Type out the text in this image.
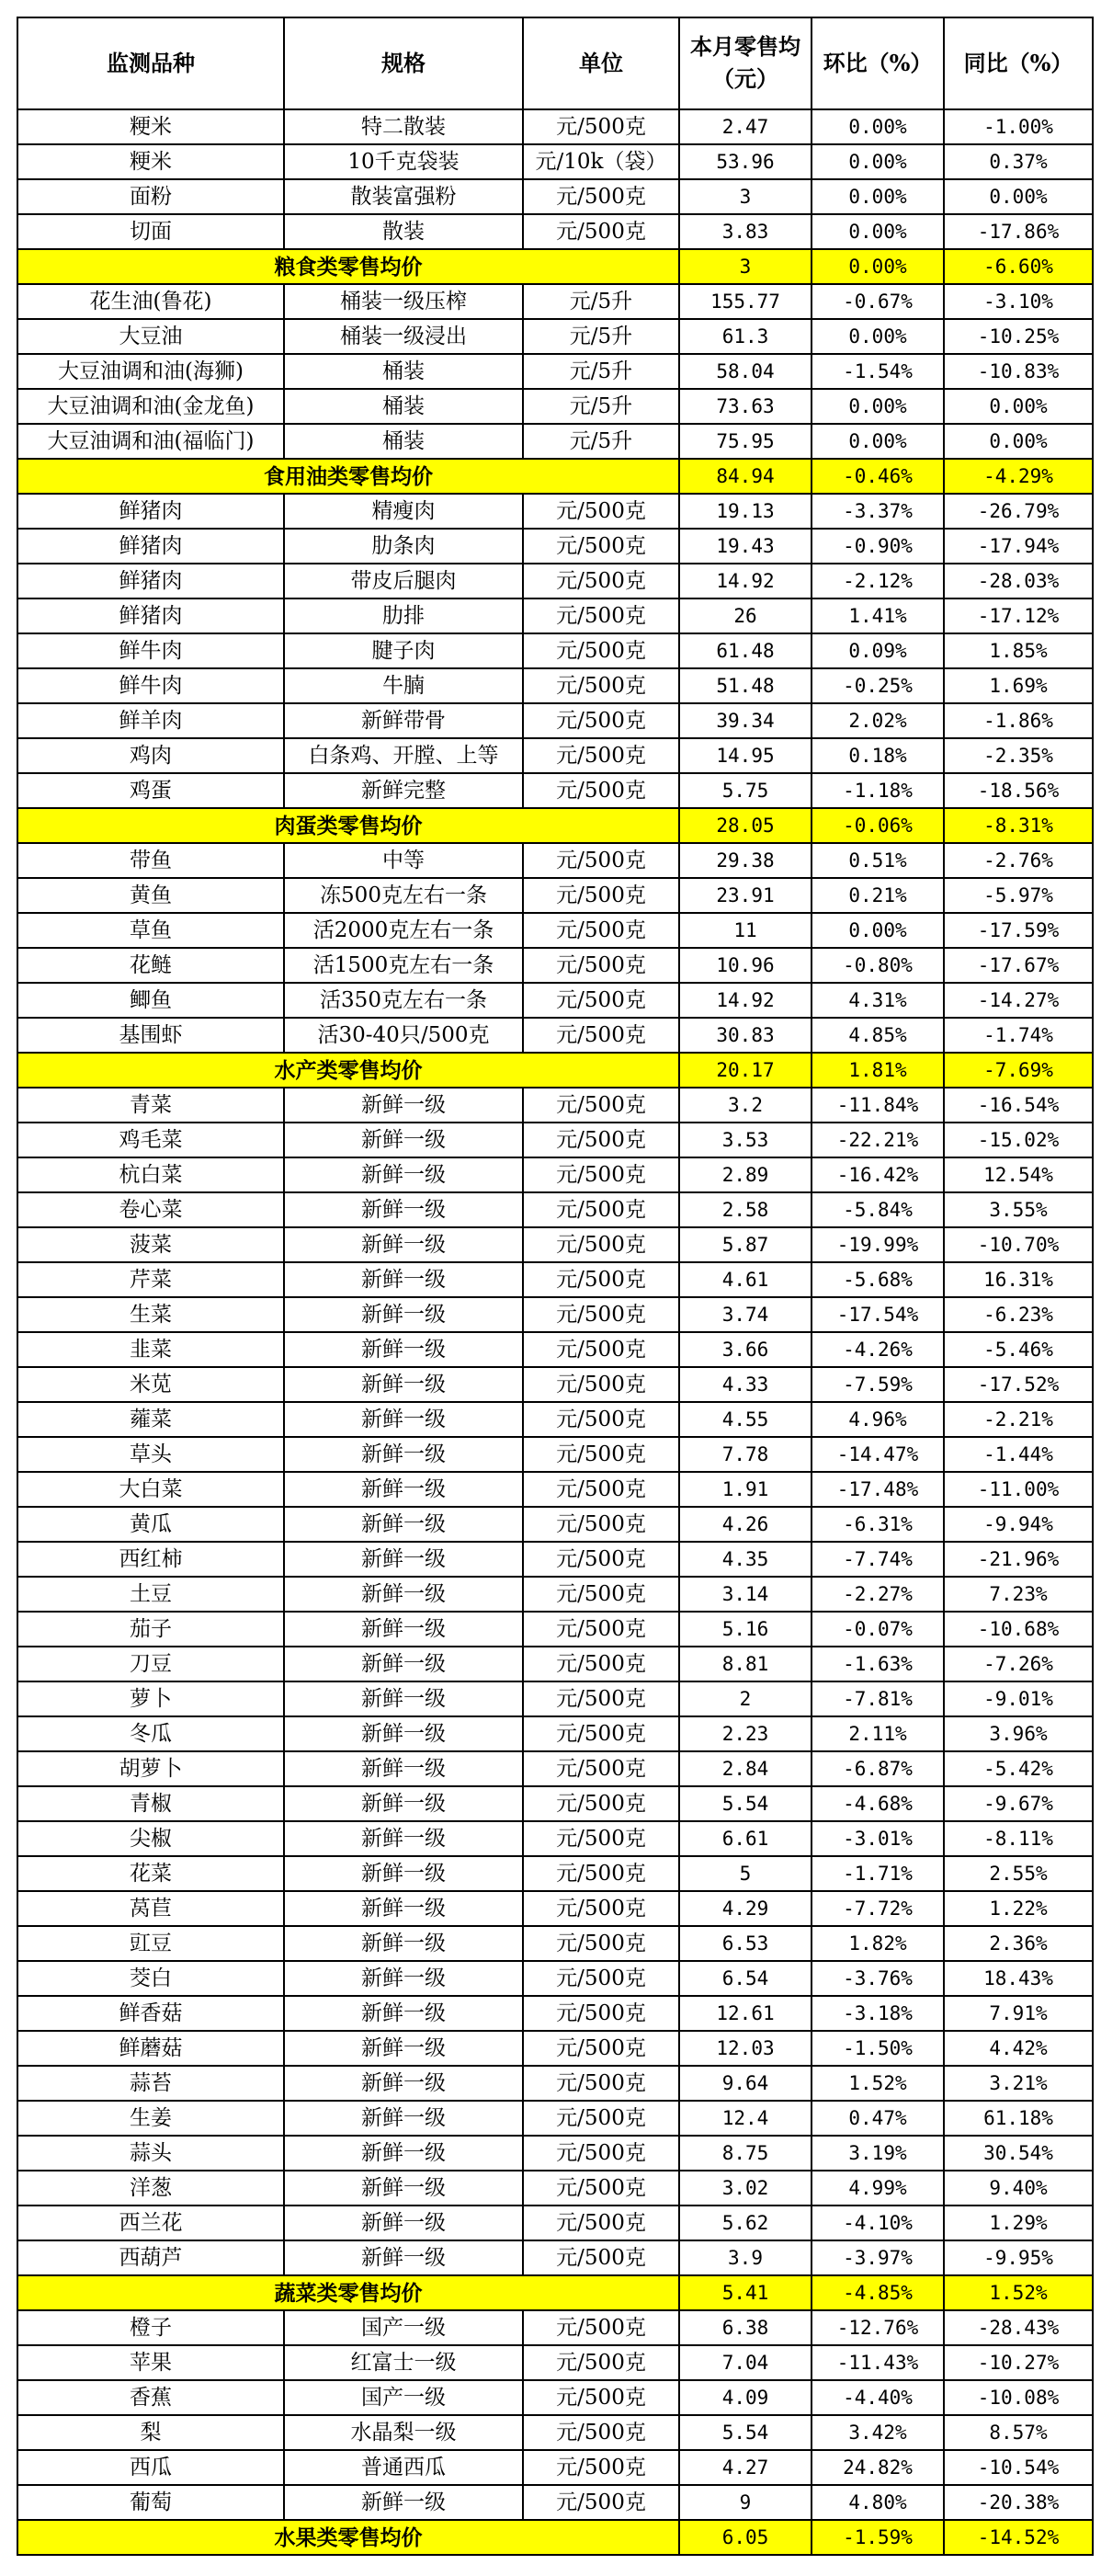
监测品种	规格	单位	本月零售均（元）	环比（%）	同比（%）
粳米	特二散装	元/500克	2.47	0.00%	-1.00%
粳米	10千克袋装	元/10k（袋）	53.96	0.00%	0.37%
面粉	散装富强粉	元/500克	3	0.00%	0.00%
切面	散装	元/500克	3.83	0.00%	-17.86%
粮食类零售均价			3	0.00%	-6.60%
花生油(鲁花)	桶装一级压榨	元/5升	155.77	-0.67%	-3.10%
大豆油	桶装一级浸出	元/5升	61.3	0.00%	-10.25%
大豆油调和油(海狮)	桶装	元/5升	58.04	-1.54%	-10.83%
大豆油调和油(金龙鱼)	桶装	元/5升	73.63	0.00%	0.00%
大豆油调和油(福临门)	桶装	元/5升	75.95	0.00%	0.00%
食用油类零售均价			84.94	-0.46%	-4.29%
鲜猪肉	精瘦肉	元/500克	19.13	-3.37%	-26.79%
鲜猪肉	肋条肉	元/500克	19.43	-0.90%	-17.94%
鲜猪肉	带皮后腿肉	元/500克	14.92	-2.12%	-28.03%
鲜猪肉	肋排	元/500克	26	1.41%	-17.12%
鲜牛肉	腱子肉	元/500克	61.48	0.09%	1.85%
鲜牛肉	牛腩	元/500克	51.48	-0.25%	1.69%
鲜羊肉	新鲜带骨	元/500克	39.34	2.02%	-1.86%
鸡肉	白条鸡、开膛、上等	元/500克	14.95	0.18%	-2.35%
鸡蛋	新鲜完整	元/500克	5.75	-1.18%	-18.56%
肉蛋类零售均价			28.05	-0.06%	-8.31%
带鱼	中等	元/500克	29.38	0.51%	-2.76%
黄鱼	冻500克左右一条	元/500克	23.91	0.21%	-5.97%
草鱼	活2000克左右一条	元/500克	11	0.00%	-17.59%
花鲢	活1500克左右一条	元/500克	10.96	-0.80%	-17.67%
鲫鱼	活350克左右一条	元/500克	14.92	4.31%	-14.27%
基围虾	活30-40只/500克	元/500克	30.83	4.85%	-1.74%
水产类零售均价			20.17	1.81%	-7.69%
青菜	新鲜一级	元/500克	3.2	-11.84%	-16.54%
鸡毛菜	新鲜一级	元/500克	3.53	-22.21%	-15.02%
杭白菜	新鲜一级	元/500克	2.89	-16.42%	12.54%
卷心菜	新鲜一级	元/500克	2.58	-5.84%	3.55%
菠菜	新鲜一级	元/500克	5.87	-19.99%	-10.70%
芹菜	新鲜一级	元/500克	4.61	-5.68%	16.31%
生菜	新鲜一级	元/500克	3.74	-17.54%	-6.23%
韭菜	新鲜一级	元/500克	3.66	-4.26%	-5.46%
米苋	新鲜一级	元/500克	4.33	-7.59%	-17.52%
蕹菜	新鲜一级	元/500克	4.55	4.96%	-2.21%
草头	新鲜一级	元/500克	7.78	-14.47%	-1.44%
大白菜	新鲜一级	元/500克	1.91	-17.48%	-11.00%
黄瓜	新鲜一级	元/500克	4.26	-6.31%	-9.94%
西红柿	新鲜一级	元/500克	4.35	-7.74%	-21.96%
土豆	新鲜一级	元/500克	3.14	-2.27%	7.23%
茄子	新鲜一级	元/500克	5.16	-0.07%	-10.68%
刀豆	新鲜一级	元/500克	8.81	-1.63%	-7.26%
萝卜	新鲜一级	元/500克	2	-7.81%	-9.01%
冬瓜	新鲜一级	元/500克	2.23	2.11%	3.96%
胡萝卜	新鲜一级	元/500克	2.84	-6.87%	-5.42%
青椒	新鲜一级	元/500克	5.54	-4.68%	-9.67%
尖椒	新鲜一级	元/500克	6.61	-3.01%	-8.11%
花菜	新鲜一级	元/500克	5	-1.71%	2.55%
莴苣	新鲜一级	元/500克	4.29	-7.72%	1.22%
豇豆	新鲜一级	元/500克	6.53	1.82%	2.36%
茭白	新鲜一级	元/500克	6.54	-3.76%	18.43%
鲜香菇	新鲜一级	元/500克	12.61	-3.18%	7.91%
鲜蘑菇	新鲜一级	元/500克	12.03	-1.50%	4.42%
蒜苔	新鲜一级	元/500克	9.64	1.52%	3.21%
生姜	新鲜一级	元/500克	12.4	0.47%	61.18%
蒜头	新鲜一级	元/500克	8.75	3.19%	30.54%
洋葱	新鲜一级	元/500克	3.02	4.99%	9.40%
西兰花	新鲜一级	元/500克	5.62	-4.10%	1.29%
西葫芦	新鲜一级	元/500克	3.9	-3.97%	-9.95%
蔬菜类零售均价			5.41	-4.85%	1.52%
橙子	国产一级	元/500克	6.38	-12.76%	-28.43%
苹果	红富士一级	元/500克	7.04	-11.43%	-10.27%
香蕉	国产一级	元/500克	4.09	-4.40%	-10.08%
梨	水晶梨一级	元/500克	5.54	3.42%	8.57%
西瓜	普通西瓜	元/500克	4.27	24.82%	-10.54%
葡萄	新鲜一级	元/500克	9	4.80%	-20.38%
水果类零售均价			6.05	-1.59%	-14.52%
